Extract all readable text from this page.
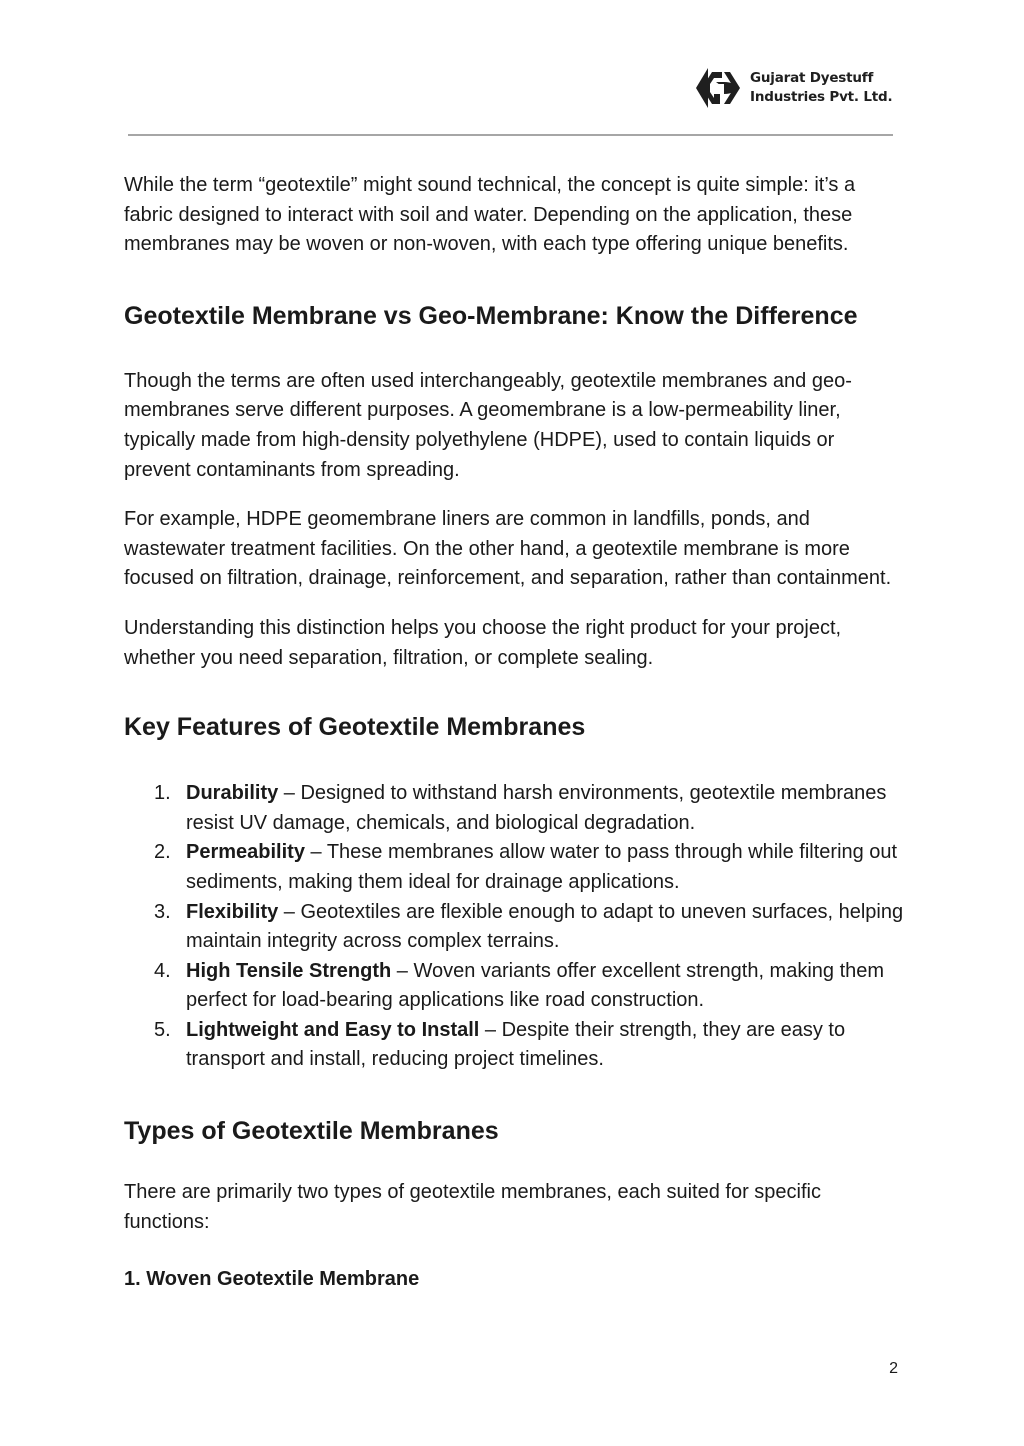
Gujarat Dyestuff
Industries Pvt. Ltd.

While the term “geotextile” might sound technical, the concept is quite simple: it’s a fabric designed to interact with soil and water. Depending on the application, these membranes may be woven or non-woven, with each type offering unique benefits.

Geotextile Membrane vs Geo-Membrane: Know the Difference

Though the terms are often used interchangeably, geotextile membranes and geo-membranes serve different purposes. A geomembrane is a low-permeability liner, typically made from high-density polyethylene (HDPE), used to contain liquids or prevent contaminants from spreading.

For example, HDPE geomembrane liners are common in landfills, ponds, and wastewater treatment facilities. On the other hand, a geotextile membrane is more focused on filtration, drainage, reinforcement, and separation, rather than containment.

Understanding this distinction helps you choose the right product for your project, whether you need separation, filtration, or complete sealing.

Key Features of Geotextile Membranes
1. Durability – Designed to withstand harsh environments, geotextile membranes resist UV damage, chemicals, and biological degradation.
2. Permeability – These membranes allow water to pass through while filtering out sediments, making them ideal for drainage applications.
3. Flexibility – Geotextiles are flexible enough to adapt to uneven surfaces, helping maintain integrity across complex terrains.
4. High Tensile Strength – Woven variants offer excellent strength, making them perfect for load-bearing applications like road construction.
5. Lightweight and Easy to Install – Despite their strength, they are easy to transport and install, reducing project timelines.
Types of Geotextile Membranes

There are primarily two types of geotextile membranes, each suited for specific functions:

1. Woven Geotextile Membrane
2
